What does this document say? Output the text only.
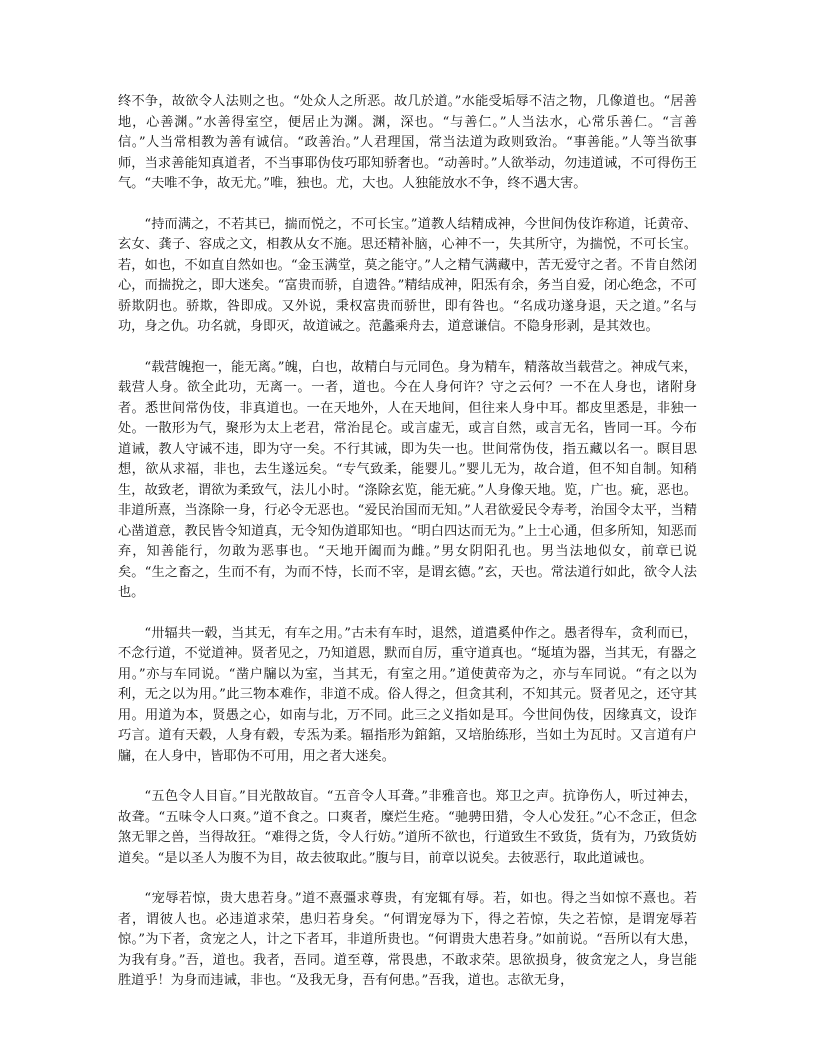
终不争，故欲令人法则之也。“处众人之所恶。故几於道。”水能受垢辱不洁之物，几像道也。“居善地，心善渊。”水善得室空，便居止为渊。渊，深也。“与善仁。”人当法水，心常乐善仁。“言善信。”人当常相教为善有诚信。“政善治。”人君理国，常当法道为政则致治。“事善能。”人等当欲事师，当求善能知真道者，不当事耶伪伎巧耶知骄奢也。“动善时。”人欲举动，勿违道诫，不可得伤王气。“夫唯不争，故无尤。”唯，独也。尤，大也。人独能放水不争，终不遇大害。

“持而满之，不若其已，揣而悦之，不可长宝。”道教人结精成神，今世间伪伎诈称道，讬黄帝、玄女、龚子、容成之文，相教从女不施。思还精补脑，心神不一，失其所守，为揣悦，不可长宝。若，如也，不如直自然如也。“金玉满堂，莫之能守。”人之精气满藏中，苦无爱守之者。不肯自然闭心，而揣挩之，即大迷矣。“富贵而骄，自遗咎。”精结成神，阳炁有余，务当自爱，闭心绝念，不可骄欺阴也。骄欺，咎即成。又外说，秉权富贵而骄世，即有咎也。“名成功遂身退，天之道。”名与功，身之仇。功名就，身即灭，故道诫之。范蠡乘舟去，道意谦信。不隐身形剥，是其效也。

“载营魄抱一，能无离。”魄，白也，故精白与元同色。身为精车，精落故当载营之。神成气来，载营人身。欲全此功，无离一。一者，道也。今在人身何许？守之云何？一不在人身也，诸附身者。悉世间常伪伎，非真道也。一在天地外，人在天地间，但往来人身中耳。都皮里悉是，非独一处。一散形为气，聚形为太上老君，常治昆仑。或言虚无，或言自然，或言无名，皆同一耳。今布道诫，教人守诫不违，即为守一矣。不行其诫，即为失一也。世间常伪伎，指五藏以名一。瞑目思想，欲从求福，非也，去生遂远矣。“专气致柔，能婴儿。”婴儿无为，故合道，但不知自制。知稍生，故致老，谓欲为柔致气，法儿小时。“涤除玄览，能无疵。”人身像天地。览，广也。疵，恶也。非道所熹，当涤除一身，行必令无恶也。“爱民治国而无知。”人君欲爱民令寿考，治国令太平，当精心凿道意，教民皆令知道真，无令知伪道耶知也。“明白四达而无为。”上士心通，但多所知，知恶而弃，知善能行，勿敢为恶事也。“天地开阖而为雌。”男女阴阳孔也。男当法地似女，前章已说矣。“生之畜之，生而不有，为而不恃，长而不宰，是谓玄德。”玄，天也。常法道行如此，欲令人法也。

“卅辐共一毂，当其无，有车之用。”古未有车时，退然，道遣奚仲作之。愚者得车，贪利而已，不念行道，不觉道神。贤者见之，乃知道恩，默而自厉，重守道真也。“埏埴为器，当其无，有器之用。”亦与车同说。“凿户牖以为室，当其无，有室之用。”道使黄帝为之，亦与车同说。“有之以为利，无之以为用。”此三物本难作，非道不成。俗人得之，但贪其利，不知其元。贤者见之，还守其用。用道为本，贤愚之心，如南与北，万不同。此三之义指如是耳。今世间伪伎，因缘真文，设诈巧言。道有天毂，人身有毂，专炁为柔。辐指形为錧錧，又培胎练形，当如土为瓦时。又言道有户牖，在人身中，皆耶伪不可用，用之者大迷矣。

“五色令人目盲。”目光散故盲。“五音令人耳聋。”非雅音也。郑卫之声。抗诤伤人，听过神去，故聋。“五味令人口爽。”道不食之。口爽者，糜烂生疮。“驰骋田猎，令人心发狂。”心不念正，但念煞无罪之兽，当得故狂。“难得之货，令人行妨。”道所不欲也，行道致生不致货，货有为，乃致货妨道矣。“是以圣人为腹不为目，故去彼取此。”腹与目，前章以说矣。去彼恶行，取此道诫也。

“宠辱若惊，贵大患若身。”道不熹彊求尊贵，有宠辄有辱。若，如也。得之当如惊不熹也。若者，谓彼人也。必违道求荣，患归若身矣。“何谓宠辱为下，得之若惊，失之若惊，是谓宠辱若惊。”为下者，贪宠之人，计之下者耳，非道所贵也。“何谓贵大患若身。”如前说。“吾所以有大患，为我有身。”吾，道也。我者，吾同。道至尊，常畏患，不敢求荣。思欲损身，彼贪宠之人，身岂能胜道乎！为身而违诫，非也。“及我无身，吾有何患。”吾我，道也。志欲无身，
